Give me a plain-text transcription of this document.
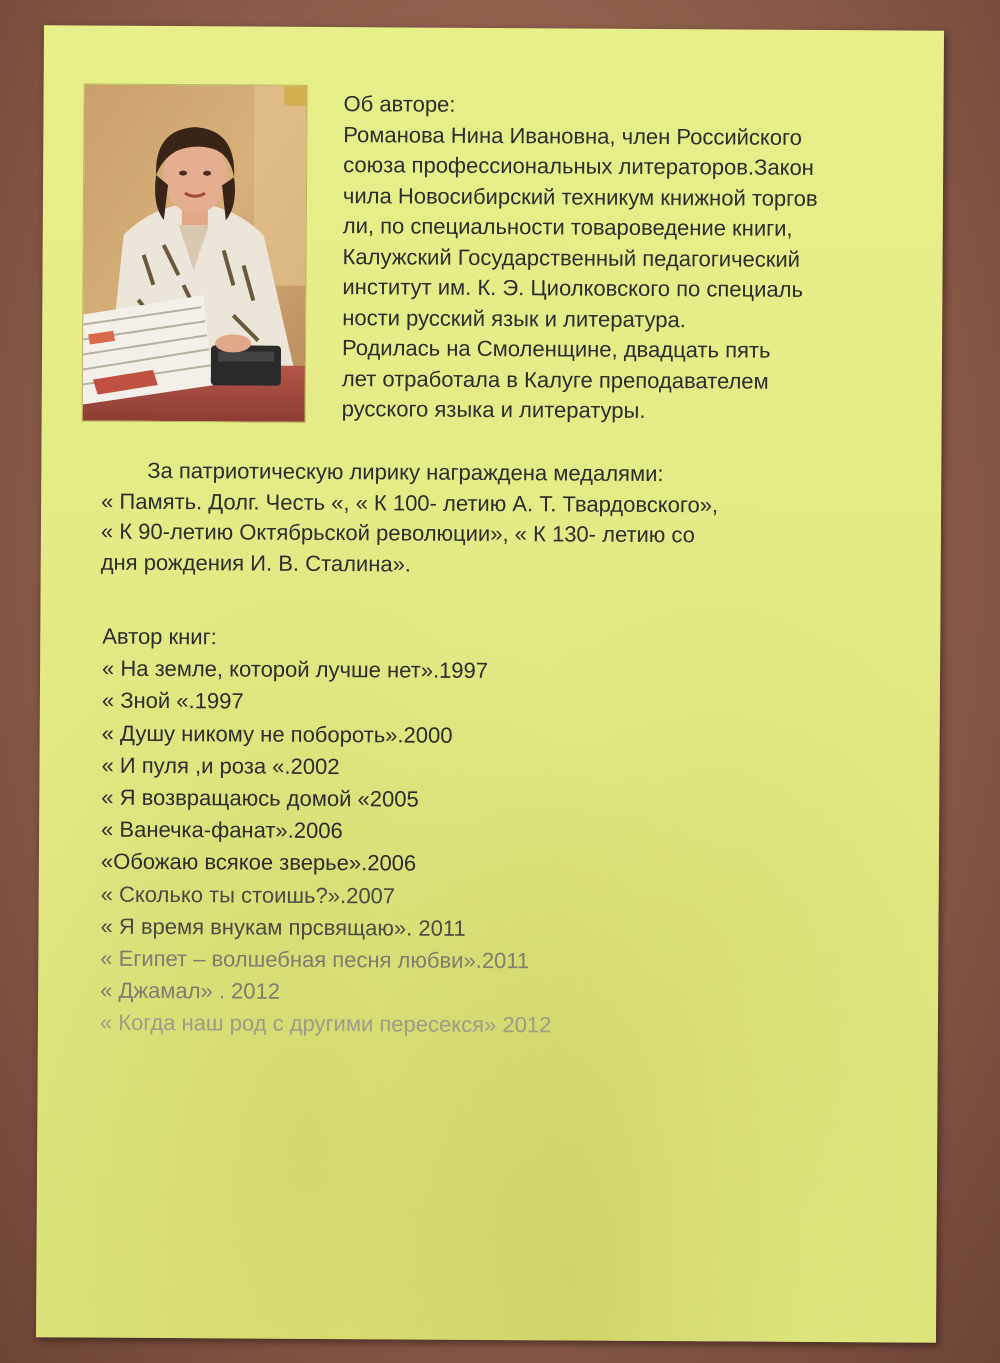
Об авторе:
Романова Нина Ивановна, член Российского
союза профессиональных литераторов.Закон
чила Новосибирский техникум книжной торгов
ли, по специальности товароведение книги,
Калужский Государственный педагогический
институт им. К. Э. Циолковского по специаль
ности русский язык и литература.
Родилась на Смоленщине, двадцать пять
лет отработала в Калуге преподавателем
русского языка и литературы.
За патриотическую лирику награждена медалями:
« Память. Долг. Честь «, « К 100- летию А. Т. Твардовского»,
« К 90-летию Октябрьской революции», « К 130- летию со
дня рождения И. В. Сталина».
Автор книг:
« На земле, которой лучше нет».1997
« Зной «.1997
« Душу никому не побороть».2000
« И пуля ,и роза «.2002
« Я возвращаюсь домой «2005
« Ванечка-фанат».2006
«Обожаю всякое зверье».2006
« Сколько ты стоишь?».2007
« Я время внукам прсвящаю». 2011
« Египет – волшебная песня любви».2011
« Джамал» . 2012
« Когда наш род с другими пересекся» 2012
